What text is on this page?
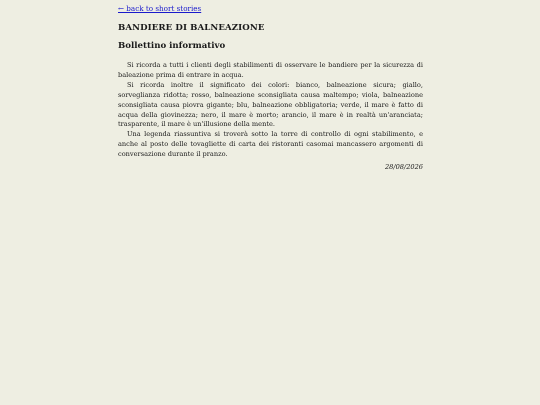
← back to short stories
BANDIERE DI BALNEAZIONE
Bollettino informativo

Si ricorda a tutti i clienti degli stabilimenti di osservare le bandiere per la sicurezza di baleazione prima di entrare in acqua.

Si ricorda inoltre il significato dei colori: bianco, balneazione sicura; giallo, sorveglianza ridotta; rosso, balneazione sconsigliata causa maltempo; viola, balneazione sconsigliata causa piovra gigante; blu, balneazione obbligatoria; verde, il mare è fatto di acqua della giovinezza; nero, il mare è morto; arancio, il mare è in realtà un'aranciata; trasparente, il mare è un'illusione della mente.

Una legenda riassuntiva si troverà sotto la torre di controllo di ogni stabilimento, e anche al posto delle tovagliette di carta dei ristoranti casomai mancassero argomenti di conversazione durante il pranzo.

28/08/2026
